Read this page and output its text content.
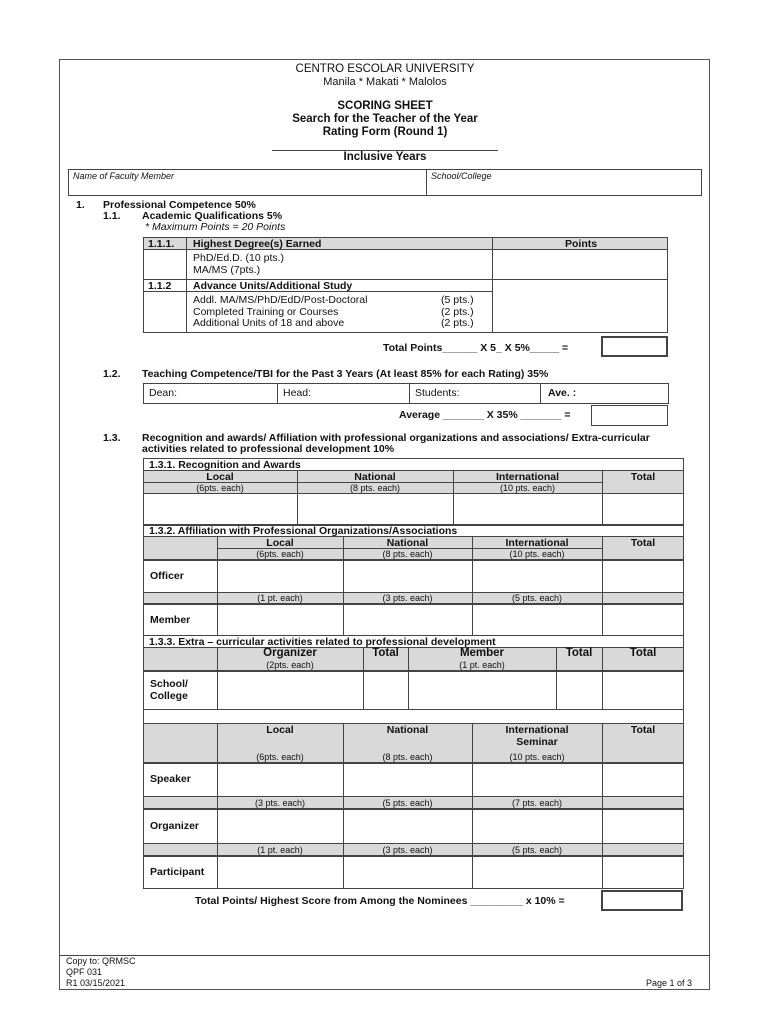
CENTRO ESCOLAR UNIVERSITY
Manila * Makati * Malolos
SCORING SHEET
Search for the Teacher of the Year
Rating Form (Round 1)
Inclusive Years
Name of Faculty Member	School/College
1. Professional Competence 50%
1.1. Academic Qualifications 5%
* Maximum Points = 20 Points
1.1.1. Highest Degree(s) Earned	Points
PhD/Ed.D. (10 pts.)
MA/MS (7pts.)
1.1.2 Advance Units/Additional Study
Addl. MA/MS/PhD/EdD/Post-Doctoral	(5 pts.)
Completed Training or Courses	(2 pts.)
Additional Units of 18 and above	(2 pts.)
Total Points______ X 5_ X 5%_____ =
1.2. Teaching Competence/TBI for the Past 3 Years (At least 85% for each Rating) 35%
Dean:	Head:	Students:	Ave. :
Average _______ X 35% _______ =
1.3. Recognition and awards/ Affiliation with professional organizations and associations/ Extra-curricular
activities related to professional development 10%
1.3.1. Recognition and Awards
Local	National	International	Total
(6pts. each)	(8 pts. each)	(10 pts. each)
1.3.2. Affiliation with Professional Organizations/Associations
Local	National	International	Total
(6pts. each)	(8 pts. each)	(10 pts. each)
Officer
(1 pt. each)	(3 pts. each)	(5 pts. each)
Member
1.3.3. Extra – curricular activities related to professional development
Organizer	Total	Member	Total	Total
(2pts. each)	(1 pt. each)
School/
College
Local	National	International
Seminar
Total
(6pts. each)	(8 pts. each)	(10 pts. each)
Speaker
(3 pts. each)	(5 pts. each)	(7 pts. each)
Organizer
(1 pt. each)	(3 pts. each)	(5 pts. each)
Participant
Total Points/ Highest Score from Among the Nominees _________ x 10% =
Copy to: QRMSC
QPF 031
R1 03/15/2021	Page 1 of 3
